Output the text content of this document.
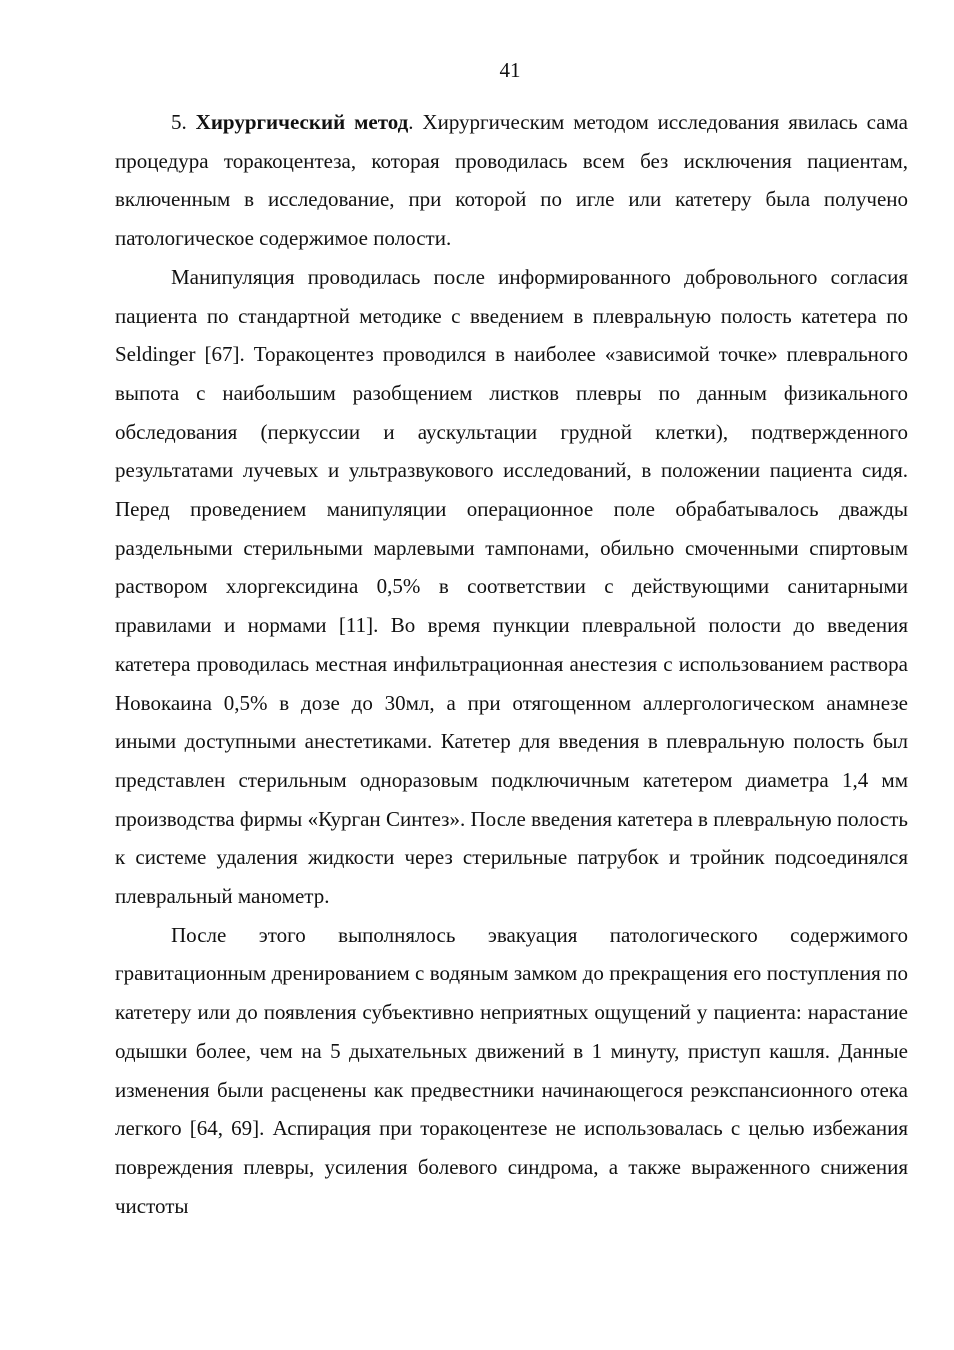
41

5. Хирургический метод. Хирургическим методом исследования явилась сама процедура торакоцентеза, которая проводилась всем без исключения пациентам, включенным в исследование, при которой по игле или катетеру была получено патологическое содержимое полости.

Манипуляция проводилась после информированного добровольного согласия пациента по стандартной методике с введением в плевральную полость катетера по Seldinger [67]. Торакоцентез проводился в наиболее «зависимой точке» плеврального выпота с наибольшим разобщением листков плевры по данным физикального обследования (перкуссии и аускультации грудной клетки), подтвержденного результатами лучевых и ультразвукового исследований, в положении пациента сидя. Перед проведением манипуляции операционное поле обрабатывалось дважды раздельными стерильными марлевыми тампонами, обильно смоченными спиртовым раствором хлоргексидина 0,5% в соответствии с действующими санитарными правилами и нормами [11]. Во время пункции плевральной полости до введения катетера проводилась местная инфильтрационная анестезия с использованием раствора Новокаина 0,5% в дозе до 30мл, а при отягощенном аллергологическом анамнезе иными доступными анестетиками. Катетер для введения в плевральную полость был представлен стерильным одноразовым подключичным катетером диаметра 1,4 мм производства фирмы «Курган Синтез». После введения катетера в плевральную полость к системе удаления жидкости через стерильные патрубок и тройник подсоединялся плевральный манометр.

После этого выполнялось эвакуация патологического содержимого гравитационным дренированием с водяным замком до прекращения его поступления по катетеру или до появления субъективно неприятных ощущений у пациента: нарастание одышки более, чем на 5 дыхательных движений в 1 минуту, приступ кашля. Данные изменения были расценены как предвестники начинающегося реэкспансионного отека легкого [64, 69]. Аспирация при торакоцентезе не использовалась с целью избежания повреждения плевры, усиления болевого синдрома, а также выраженного снижения чистоты
